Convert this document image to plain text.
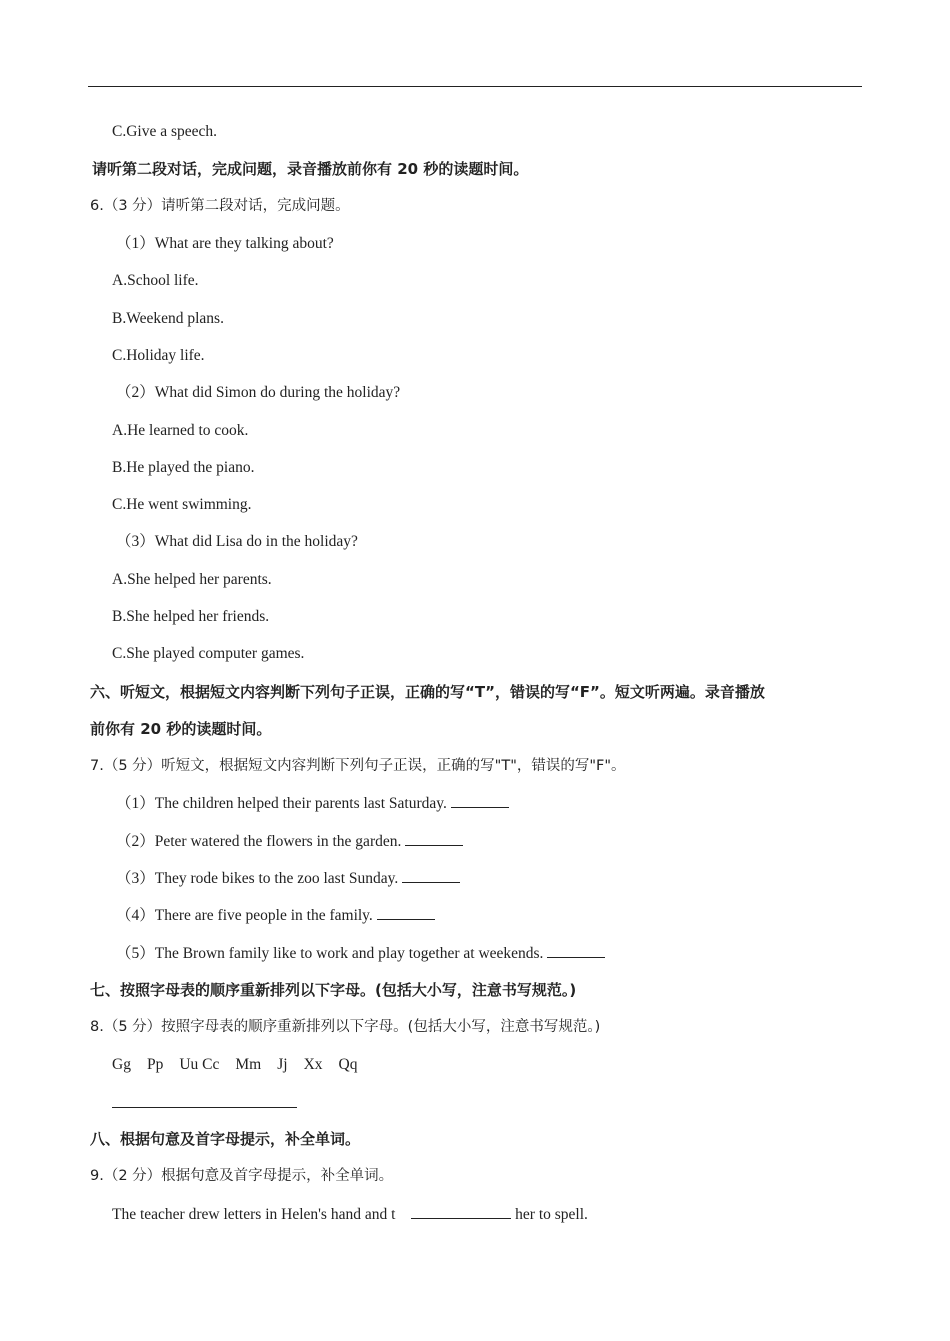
C.Give a speech.
请听第二段对话，完成问题，录音播放前你有 20 秒的读题时间。
6.（3 分）请听第二段对话，完成问题。
（1）What are they talking about?
A.School life.
B.Weekend plans.
C.Holiday life.
（2）What did Simon do during the holiday?
A.He learned to cook.
B.He played the piano.
C.He went swimming.
（3）What did Lisa do in the holiday?
A.She helped her parents.
B.She helped her friends.
C.She played computer games.
六、听短文，根据短文内容判断下列句子正误，正确的写“T”，错误的写“F”。短文听两遍。录音播放
前你有 20 秒的读题时间。
7.（5 分）听短文，根据短文内容判断下列句子正误，正确的写"T"，错误的写"F"。
（1）The children helped their parents last Saturday.
（2）Peter watered the flowers in the garden.
（3）They rode bikes to the zoo last Sunday.
（4）There are five people in the family.
（5）The Brown family like to work and play together at weekends.
七、按照字母表的顺序重新排列以下字母。(包括大小写，注意书写规范。)
8.（5 分）按照字母表的顺序重新排列以下字母。(包括大小写，注意书写规范。)
Gg Pp Uu Cc Mm Jj Xx Qq
八、根据句意及首字母提示，补全单词。
9.（2 分）根据句意及首字母提示，补全单词。
The teacher drew letters in Helen's hand and t	her to spell.
